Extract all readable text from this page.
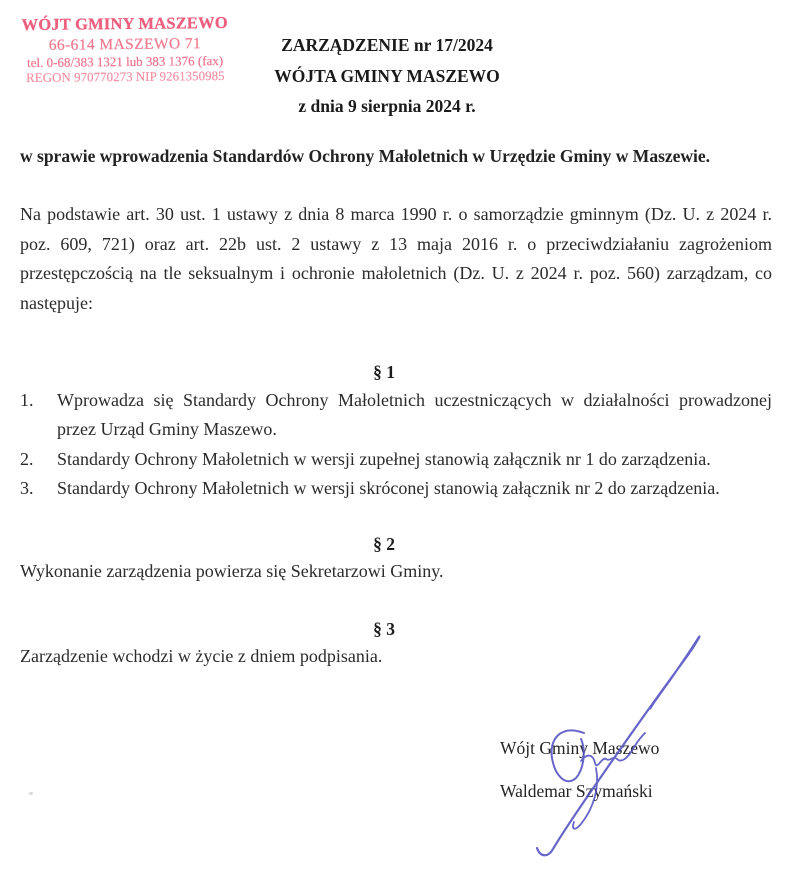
WÓJT GMINY MASZEWO
66-614 MASZEWO 71
tel. 0-68/383 1321 lub 383 1376 (fax)
REGON 970770273 NIP 9261350985
ZARZĄDZENIE nr 17/2024
WÓJTA GMINY MASZEWO
z dnia 9 sierpnia 2024 r.
w sprawie wprowadzenia Standardów Ochrony Małoletnich w Urzędzie Gminy w Maszewie.
Na podstawie art. 30 ust. 1 ustawy z dnia 8 marca 1990 r. o samorządzie gminnym (Dz. U. z 2024 r. poz. 609, 721) oraz art. 22b ust. 2 ustawy z 13 maja 2016 r. o przeciwdziałaniu zagrożeniom przestępczością na tle seksualnym i ochronie małoletnich (Dz. U. z 2024 r. poz. 560) zarządzam, co następuje:
§ 1
1.	Wprowadza się Standardy Ochrony Małoletnich uczestniczących w działalności prowadzonej przez Urząd Gminy Maszewo.
2.	Standardy Ochrony Małoletnich w wersji zupełnej stanowią załącznik nr 1 do zarządzenia.
3.	Standardy Ochrony Małoletnich w wersji skróconej stanowią załącznik nr 2 do zarządzenia.
§ 2
Wykonanie zarządzenia powierza się Sekretarzowi Gminy.
§ 3
Zarządzenie wchodzi w życie z dniem podpisania.
Wójt Gminy Maszewo
Waldemar Szymański
